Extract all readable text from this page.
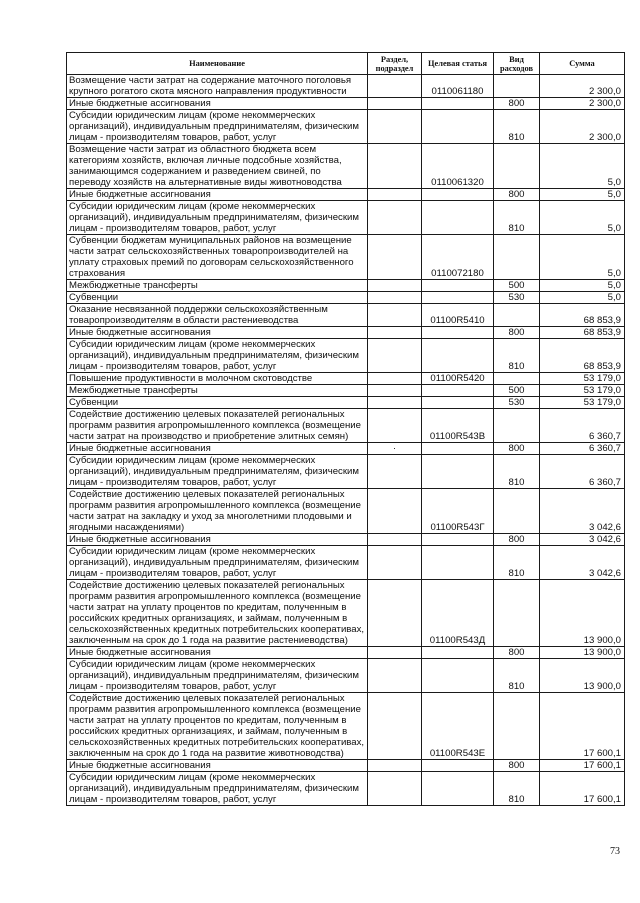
Наименование	Раздел, подраздел	Целевая статья	Вид расходов	Сумма
Возмещение части затрат на содержание маточного поголовья крупного рогатого скота мясного направления продуктивности		0110061180		2 300,0
Иные бюджетные ассигнования			800	2 300,0
Субсидии юридическим лицам (кроме некоммерческих организаций), индивидуальным предпринимателям, физическим лицам - производителям товаров, работ, услуг			810	2 300,0
Возмещение части затрат из областного бюджета всем категориям хозяйств, включая личные подсобные хозяйства, занимающимся содержанием и разведением свиней, по переводу хозяйств на альтернативные виды животноводства		0110061320		5,0
Иные бюджетные ассигнования			800	5,0
Субсидии юридическим лицам (кроме некоммерческих организаций), индивидуальным предпринимателям, физическим лицам - производителям товаров, работ, услуг			810	5,0
Субвенции бюджетам муниципальных районов на возмещение части затрат сельскохозяйственных товаропроизводителей на уплату страховых премий по договорам сельскохозяйственного страхования		0110072180		5,0
Межбюджетные трансферты			500	5,0
Субвенции			530	5,0
Оказание несвязанной поддержки сельскохозяйственным товаропроизводителям в области растениеводства		01100R5410		68 853,9
Иные бюджетные ассигнования			800	68 853,9
Субсидии юридическим лицам (кроме некоммерческих организаций), индивидуальным предпринимателям, физическим лицам - производителям товаров, работ, услуг			810	68 853,9
Повышение продуктивности в молочном скотоводстве		01100R5420		53 179,0
Межбюджетные трансферты			500	53 179,0
Субвенции			530	53 179,0
Содействие достижению целевых показателей региональных программ развития агропромышленного комплекса (возмещение части затрат на производство и приобретение элитных семян)		01100R543В		6 360,7
Иные бюджетные ассигнования	·		800	6 360,7
Субсидии юридическим лицам (кроме некоммерческих организаций), индивидуальным предпринимателям, физическим лицам - производителям товаров, работ, услуг			810	6 360,7
Содействие достижению целевых показателей региональных программ развития агропромышленного комплекса (возмещение части затрат на закладку и уход за многолетними плодовыми и ягодными насаждениями)		01100R543Г		3 042,6
Иные бюджетные ассигнования			800	3 042,6
Субсидии юридическим лицам (кроме некоммерческих организаций), индивидуальным предпринимателям, физическим лицам - производителям товаров, работ, услуг			810	3 042,6
Содействие достижению целевых показателей региональных программ развития агропромышленного комплекса (возмещение части затрат на уплату процентов по кредитам, полученным в российских кредитных организациях, и займам, полученным в сельскохозяйственных кредитных потребительских кооперативах, заключенным на срок до 1 года на развитие растениеводства)		01100R543Д		13 900,0
Иные бюджетные ассигнования			800	13 900,0
Субсидии юридическим лицам (кроме некоммерческих организаций), индивидуальным предпринимателям, физическим лицам - производителям товаров, работ, услуг			810	13 900,0
Содействие достижению целевых показателей региональных программ развития агропромышленного комплекса (возмещение части затрат на уплату процентов по кредитам, полученным в российских кредитных организациях, и займам, полученным в сельскохозяйственных кредитных потребительских кооперативах, заключенным на срок до 1 года на развитие животноводства)		01100R543Е		17 600,1
Иные бюджетные ассигнования			800	17 600,1
Субсидии юридическим лицам (кроме некоммерческих организаций), индивидуальным предпринимателям, физическим лицам - производителям товаров, работ, услуг			810	17 600,1
73
